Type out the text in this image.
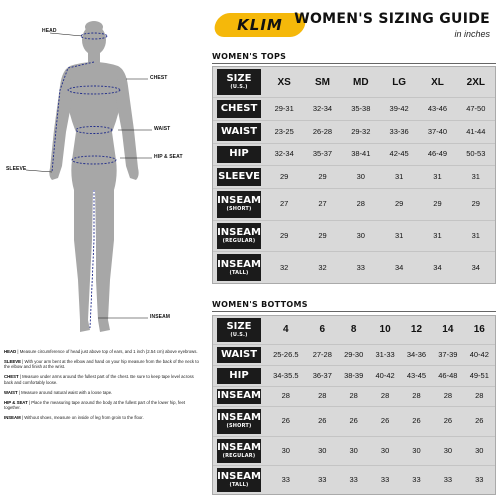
HEAD
CHEST
WAIST
HIP & SEAT
SLEEVE
INSEAM

HEAD | Measure circumference of head just above top of ears, and 1 inch (2.54 cm) above eyebrows.

SLEEVE | With your arm bent at the elbow and hand on your hip measure from the back of the neck to the elbow and finish at the wrist.

CHEST | Measure under arms around the fullest part of the chest. Be sure to keep tape level across back and comfortably loose.

WAIST | Measure around natural waist with a loose tape.

HIP & SEAT | Place the measuring tape around the body at the fullest part of the lower hip, feet together.

INSEAM | Without shoes, measure on inside of leg from groin to the floor.

KLIM WOMEN'S SIZING GUIDE
in inches
WOMEN'S TOPS
SIZE
(U.S.)	XS	SM	MD	LG	XL	2XL

CHEST	29-31	32-34	35-38	39-42	43-46	47-50

WAIST	23-25	26-28	29-32	33-36	37-40	41-44

HIP	32-34	35-37	38-41	42-45	46-49	50-53

SLEEVE	29	29	30	31	31	31

INSEAM
(SHORT)	27	27	28	29	29	29

INSEAM
(REGULAR)	29	29	30	31	31	31

INSEAM
(TALL)	32	32	33	34	34	34
WOMEN'S BOTTOMS
SIZE
(U.S.)	4	6	8	10	12	14	16

WAIST	25-26.5	27-28	29-30	31-33	34-36	37-39	40-42

HIP	34-35.5	36-37	38-39	40-42	43-45	46-48	49-51

INSEAM	28	28	28	28	28	28	28

INSEAM
(SHORT)	26	26	26	26	26	26	26

INSEAM
(REGULAR)	30	30	30	30	30	30	30

INSEAM
(TALL)	33	33	33	33	33	33	33
